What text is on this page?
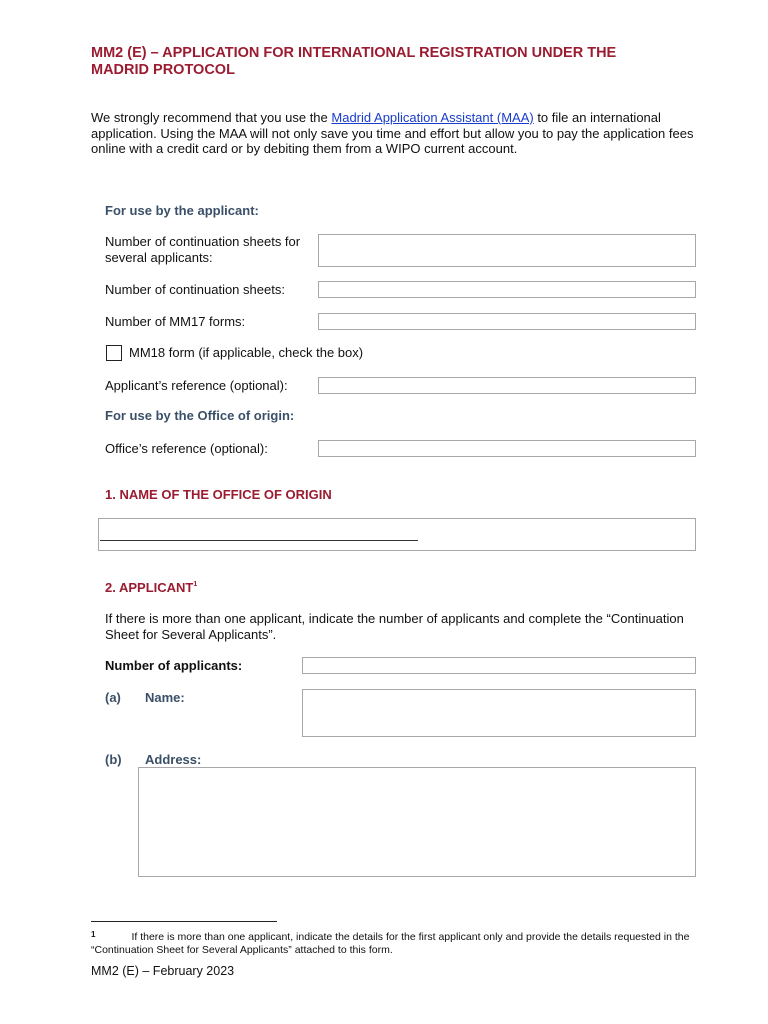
MM2 (E) – APPLICATION FOR INTERNATIONAL REGISTRATION UNDER THE MADRID PROTOCOL
We strongly recommend that you use the Madrid Application Assistant (MAA) to file an international application. Using the MAA will not only save you time and effort but allow you to pay the application fees online with a credit card or by debiting them from a WIPO current account.
For use by the applicant:
Number of continuation sheets for several applicants:
Number of continuation sheets:
Number of MM17 forms:
MM18 form (if applicable, check the box)
Applicant’s reference (optional):
For use by the Office of origin:
Office’s reference (optional):
1. NAME OF THE OFFICE OF ORIGIN
2. APPLICANT$^1$
If there is more than one applicant, indicate the number of applicants and complete the “Continuation Sheet for Several Applicants”.
Number of applicants:
(a) Name:
(b) Address:
$^1$	If there is more than one applicant, indicate the details for the first applicant only and provide the details requested in the “Continuation Sheet for Several Applicants” attached to this form.
MM2 (E) – February 2023
